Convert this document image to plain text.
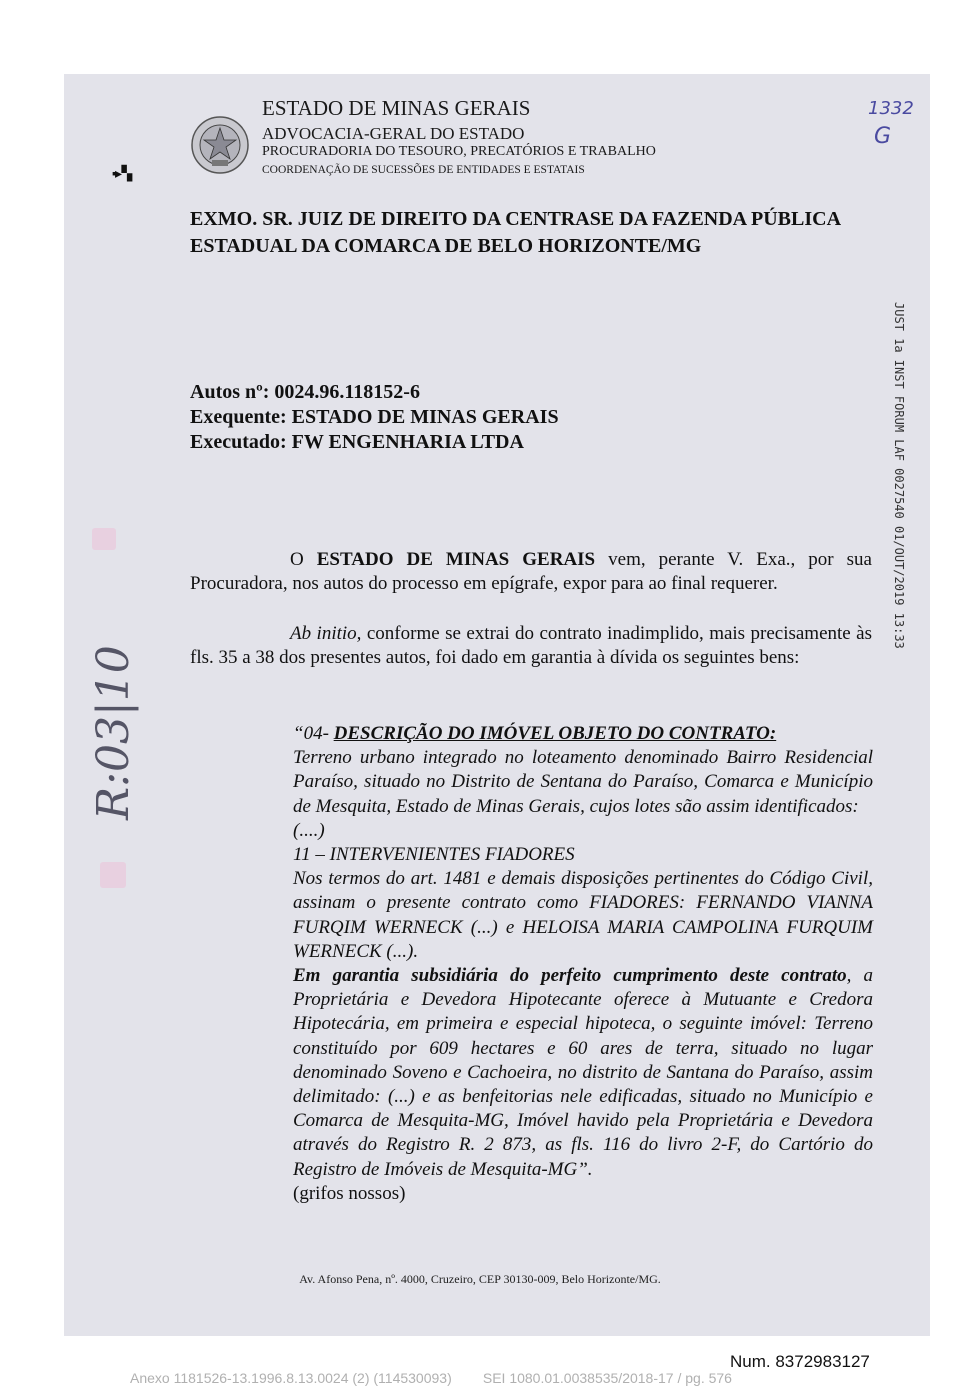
ESTADO DE MINAS GERAIS
ADVOCACIA-GERAL DO ESTADO
PROCURADORIA DO TESOURO, PRECATÓRIOS E TRABALHO
COORDENAÇÃO DE SUCESSÕES DE ENTIDADES E ESTATAIS
1332
G
▪▸ ▚
EXMO. SR. JUIZ DE DIREITO DA CENTRASE DA FAZENDA PÚBLICA
ESTADUAL DA COMARCA DE BELO HORIZONTE/MG
JUST 1a INST FORUM LAF 0027540 01/OUT/2019 13:33
Autos nº: 0024.96.118152-6
Exequente: ESTADO DE MINAS GERAIS
Executado: FW ENGENHARIA LTDA
R:03|10
O ESTADO DE MINAS GERAIS vem, perante V. Exa., por sua Procuradora, nos autos do processo em epígrafe, expor para ao final requerer.
Ab initio, conforme se extrai do contrato inadimplido, mais precisamente às fls. 35 a 38 dos presentes autos, foi dado em garantia à dívida os seguintes bens:
“04- DESCRIÇÃO DO IMÓVEL OBJETO DO CONTRATO:
Terreno urbano integrado no loteamento denominado Bairro Residencial Paraíso, situado no Distrito de Sentana do Paraíso, Comarca e Município de Mesquita, Estado de Minas Gerais, cujos lotes são assim identificados:
(....)
11 – INTERVENIENTES FIADORES
Nos termos do art. 1481 e demais disposições pertinentes do Código Civil, assinam o presente contrato como FIADORES: FERNANDO VIANNA FURQIM WERNECK (...) e HELOISA MARIA CAMPOLINA FURQUIM WERNECK (...).
Em garantia subsidiária do perfeito cumprimento deste contrato, a Proprietária e Devedora Hipotecante oferece à Mutuante e Credora Hipotecária, em primeira e especial hipoteca, o seguinte imóvel: Terreno constituído por 609 hectares e 60 ares de terra, situado no lugar denominado Soveno e Cachoeira, no distrito de Santana do Paraíso, assim delimitado: (...) e as benfeitorias nele edificadas, situado no Município e Comarca de Mesquita-MG, Imóvel havido pela Proprietária e Devedora através do Registro R. 2 873, as fls. 116 do livro 2-F, do Cartório do Registro de Imóveis de Mesquita-MG”.
(grifos nossos)
Av. Afonso Pena, nº. 4000, Cruzeiro, CEP 30130-009, Belo Horizonte/MG.
Num. 8372983127
Anexo 1181526-13.1996.8.13.0024 (2) (114530093)        SEI 1080.01.0038535/2018-17 / pg. 576
